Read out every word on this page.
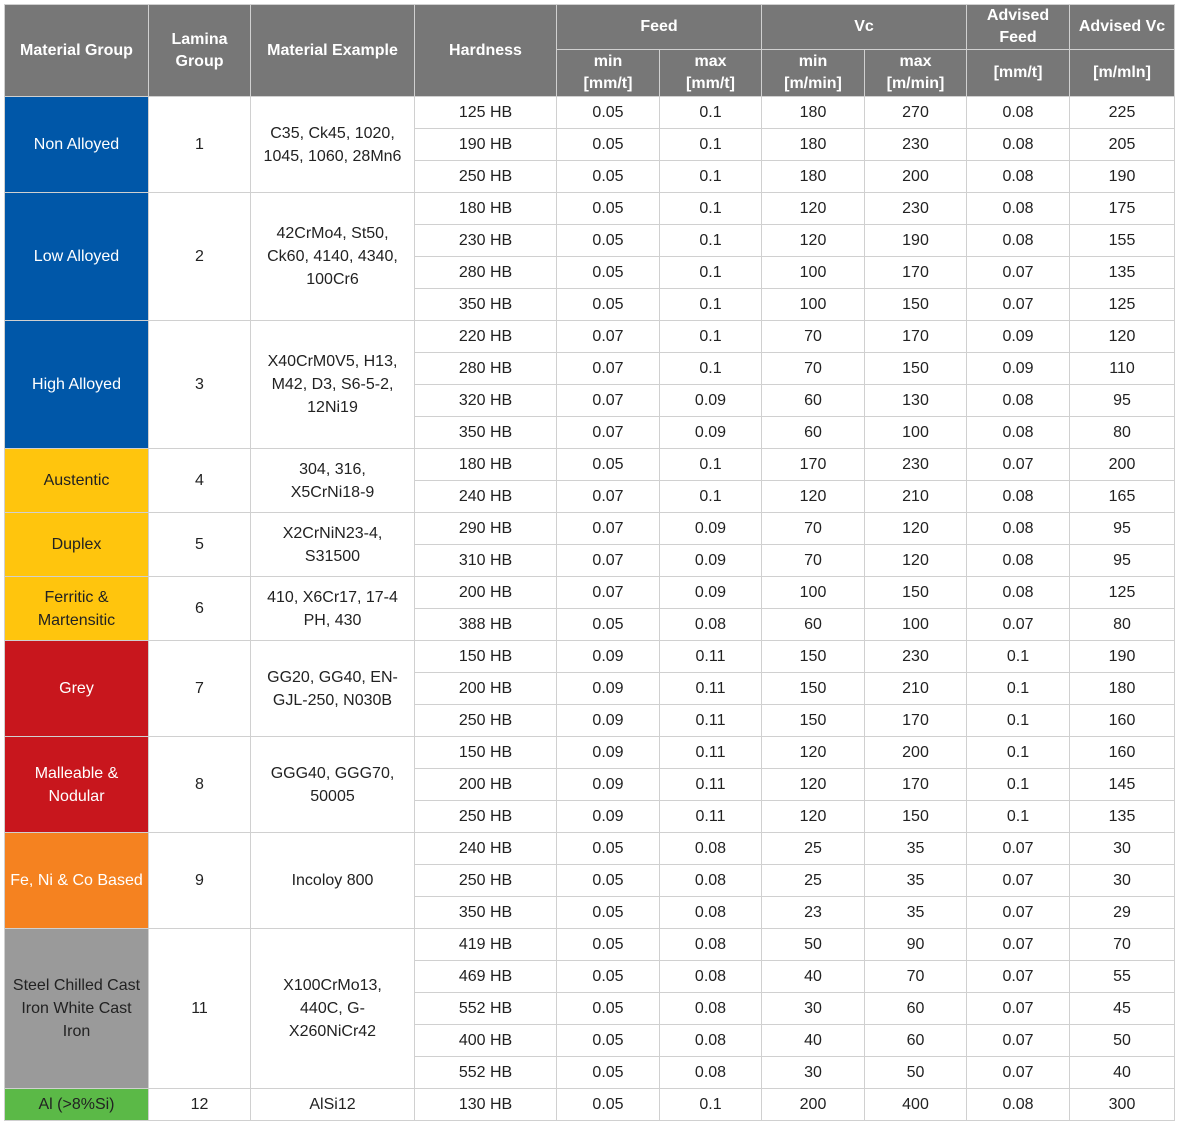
Material Group	Lamina Group	Material Example	Hardness	Feed		Vc		Advised Feed	Advised Vc
				min [mm/t]	max [mm/t]	min [m/min]	max [m/min]	[mm/t]	[m/mln]
Non Alloyed	1	C35, Ck45, 1020, 1045, 1060, 28Mn6	125 HB	0.05	0.1	180	270	0.08	225
			190 HB	0.05	0.1	180	230	0.08	205
			250 HB	0.05	0.1	180	200	0.08	190
Low Alloyed	2	42CrMo4, St50, Ck60, 4140, 4340, 100Cr6	180 HB	0.05	0.1	120	230	0.08	175
			230 HB	0.05	0.1	120	190	0.08	155
			280 HB	0.05	0.1	100	170	0.07	135
			350 HB	0.05	0.1	100	150	0.07	125
High Alloyed	3	X40CrM0V5, H13, M42, D3, S6-5-2, 12Ni19	220 HB	0.07	0.1	70	170	0.09	120
			280 HB	0.07	0.1	70	150	0.09	110
			320 HB	0.07	0.09	60	130	0.08	95
			350 HB	0.07	0.09	60	100	0.08	80
Austentic	4	304, 316, X5CrNi18-9	180 HB	0.05	0.1	170	230	0.07	200
			240 HB	0.07	0.1	120	210	0.08	165
Duplex	5	X2CrNiN23-4, S31500	290 HB	0.07	0.09	70	120	0.08	95
			310 HB	0.07	0.09	70	120	0.08	95
Ferritic & Martensitic	6	410, X6Cr17, 17-4 PH, 430	200 HB	0.07	0.09	100	150	0.08	125
			388 HB	0.05	0.08	60	100	0.07	80
Grey	7	GG20, GG40, EN-GJL-250, N030B	150 HB	0.09	0.11	150	230	0.1	190
			200 HB	0.09	0.11	150	210	0.1	180
			250 HB	0.09	0.11	150	170	0.1	160
Malleable & Nodular	8	GGG40, GGG70, 50005	150 HB	0.09	0.11	120	200	0.1	160
			200 HB	0.09	0.11	120	170	0.1	145
			250 HB	0.09	0.11	120	150	0.1	135
Fe, Ni & Co Based	9	Incoloy 800	240 HB	0.05	0.08	25	35	0.07	30
			250 HB	0.05	0.08	25	35	0.07	30
			350 HB	0.05	0.08	23	35	0.07	29
Steel Chilled Cast Iron White Cast Iron	11	X100CrMo13, 440C, G-X260NiCr42	419 HB	0.05	0.08	50	90	0.07	70
			469 HB	0.05	0.08	40	70	0.07	55
			552 HB	0.05	0.08	30	60	0.07	45
			400 HB	0.05	0.08	40	60	0.07	50
			552 HB	0.05	0.08	30	50	0.07	40
Al (>8%Si)	12	AlSi12	130 HB	0.05	0.1	200	400	0.08	300
